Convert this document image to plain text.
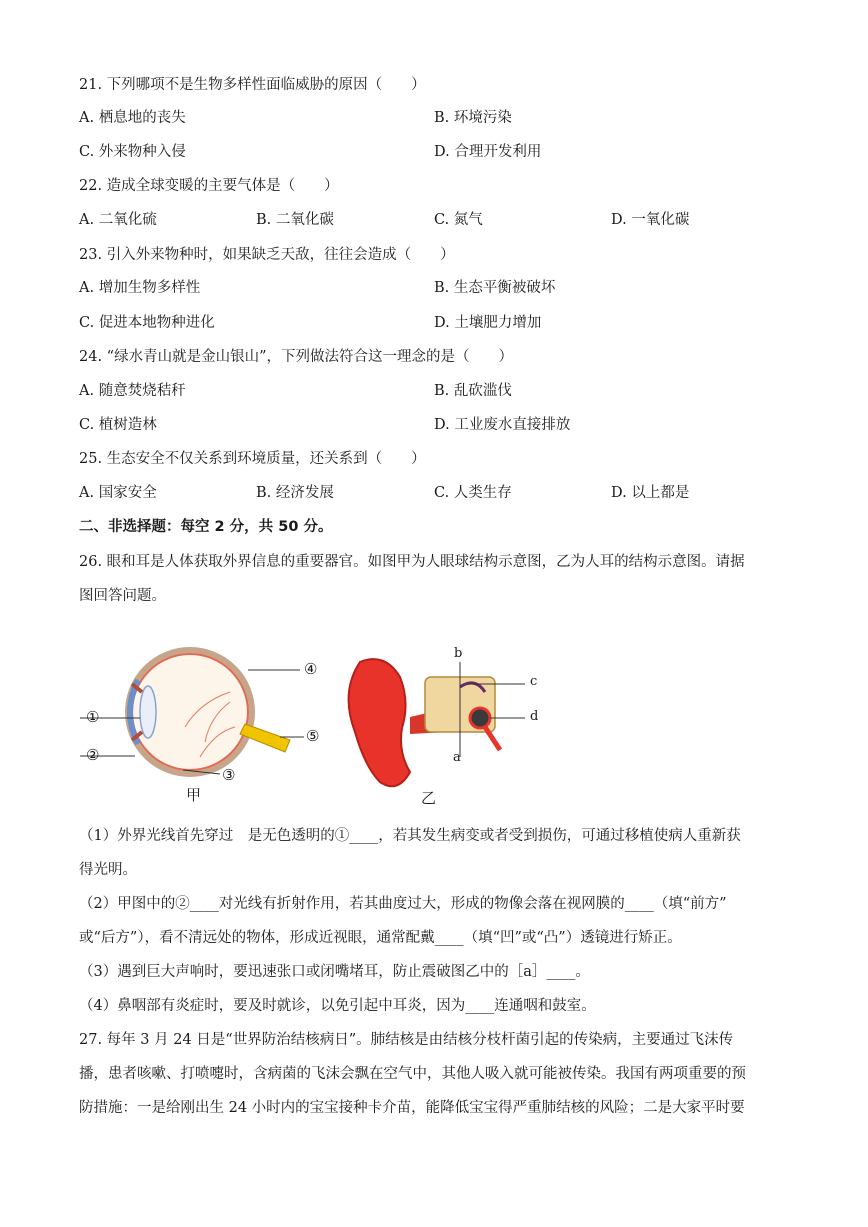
21. 下列哪项不是生物多样性面临威胁的原因（　　）
A. 栖息地的丧失	B. 环境污染
C. 外来物种入侵	D. 合理开发利用
22. 造成全球变暖的主要气体是（　　）
A. 二氧化硫	B. 二氧化碳	C. 氮气	D. 一氧化碳
23. 引入外来物种时，如果缺乏天敌，往往会造成（　　）
A. 增加生物多样性	B. 生态平衡被破坏
C. 促进本地物种进化	D. 土壤肥力增加
24. “绿水青山就是金山银山”，下列做法符合这一理念的是（　　）
A. 随意焚烧秸秆	B. 乱砍滥伐
C. 植树造林	D. 工业废水直接排放
25. 生态安全不仅关系到环境质量，还关系到（　　）
A. 国家安全	B. 经济发展	C. 人类生存	D. 以上都是
二、非选择题：每空 2 分，共 50 分。
26. 眼和耳是人体获取外界信息的重要器官。如图甲为人眼球结构示意图，乙为人耳的结构示意图。请据
图回答问题。
①
②
③
④
⑤
a
b
c
d
甲	乙
（1）外界光线首先穿过　是无色透明的①____，若其发生病变或者受到损伤，可通过移植使病人重新获
得光明。
（2）甲图中的②____对光线有折射作用，若其曲度过大，形成的物像会落在视网膜的____（填“前方”
或“后方”），看不清远处的物体，形成近视眼，通常配戴____（填“凹”或“凸”）透镜进行矫正。
（3）遇到巨大声响时，要迅速张口或闭嘴堵耳，防止震破图乙中的［a］____。
（4）鼻咽部有炎症时，要及时就诊，以免引起中耳炎，因为____连通咽和鼓室。
27. 每年 3 月 24 日是“世界防治结核病日”。肺结核是由结核分枝杆菌引起的传染病，主要通过飞沫传
播，患者咳嗽、打喷嚏时，含病菌的飞沫会飘在空气中，其他人吸入就可能被传染。我国有两项重要的预
防措施：一是给刚出生 24 小时内的宝宝接种卡介苗，能降低宝宝得严重肺结核的风险；二是大家平时要
